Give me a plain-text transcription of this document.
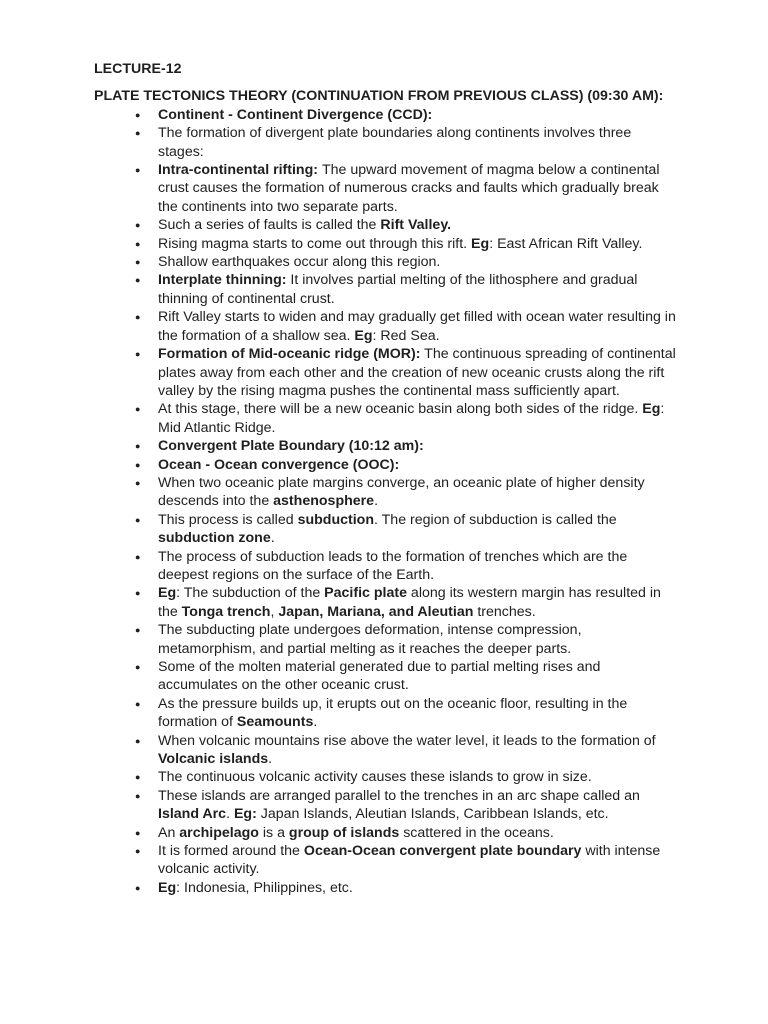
LECTURE-12
PLATE TECTONICS THEORY (CONTINUATION FROM PREVIOUS CLASS) (09:30 AM):
● Continent - Continent Divergence (CCD):
● The formation of divergent plate boundaries along continents involves three stages:
● Intra-continental rifting: The upward movement of magma below a continental crust causes the formation of numerous cracks and faults which gradually break the continents into two separate parts.
● Such a series of faults is called the Rift Valley.
● Rising magma starts to come out through this rift. Eg: East African Rift Valley.
● Shallow earthquakes occur along this region.
● Interplate thinning: It involves partial melting of the lithosphere and gradual thinning of continental crust.
● Rift Valley starts to widen and may gradually get filled with ocean water resulting in the formation of a shallow sea. Eg: Red Sea.
● Formation of Mid-oceanic ridge (MOR): The continuous spreading of continental plates away from each other and the creation of new oceanic crusts along the rift valley by the rising magma pushes the continental mass sufficiently apart.
● At this stage, there will be a new oceanic basin along both sides of the ridge. Eg: Mid Atlantic Ridge.
● Convergent Plate Boundary (10:12 am):
● Ocean - Ocean convergence (OOC):
● When two oceanic plate margins converge, an oceanic plate of higher density descends into the asthenosphere.
● This process is called subduction. The region of subduction is called the subduction zone.
● The process of subduction leads to the formation of trenches which are the deepest regions on the surface of the Earth.
● Eg: The subduction of the Pacific plate along its western margin has resulted in the Tonga trench, Japan, Mariana, and Aleutian trenches.
● The subducting plate undergoes deformation, intense compression, metamorphism, and partial melting as it reaches the deeper parts.
● Some of the molten material generated due to partial melting rises and accumulates on the other oceanic crust.
● As the pressure builds up, it erupts out on the oceanic floor, resulting in the formation of Seamounts.
● When volcanic mountains rise above the water level, it leads to the formation of Volcanic islands.
● The continuous volcanic activity causes these islands to grow in size.
● These islands are arranged parallel to the trenches in an arc shape called an Island Arc. Eg: Japan Islands, Aleutian Islands, Caribbean Islands, etc.
● An archipelago is a group of islands scattered in the oceans.
● It is formed around the Ocean-Ocean convergent plate boundary with intense volcanic activity.
● Eg: Indonesia, Philippines, etc.
